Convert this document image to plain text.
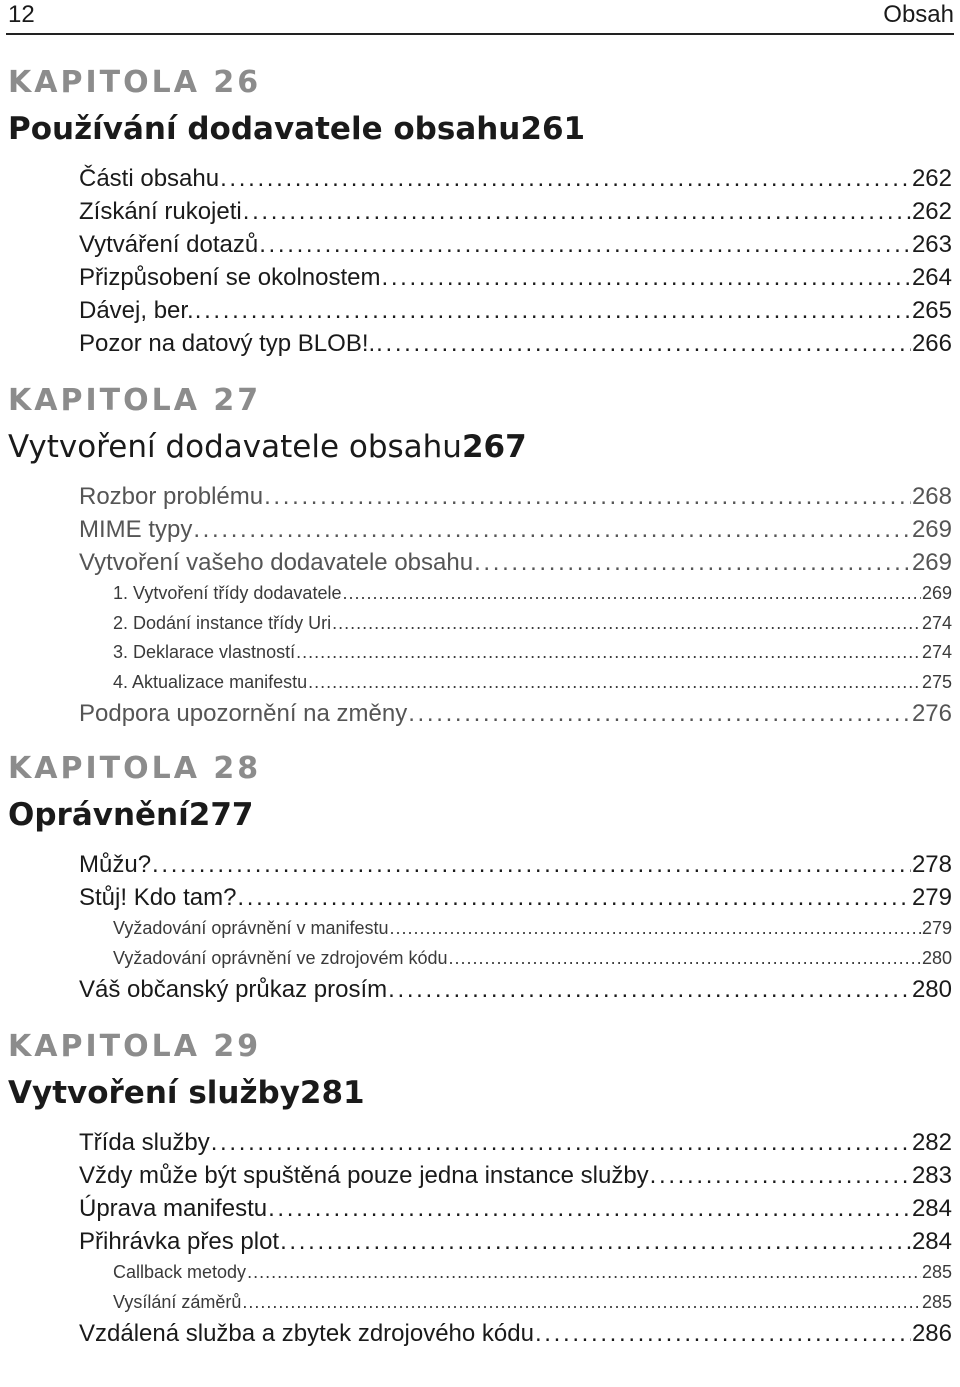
12	Obsah
KAPITOLA 26
Používání dodavatele obsahu 261
Části obsahu . . .	262
Získání rukojeti . . .	262
Vytváření dotazů . . .	263
Přizpůsobení se okolnostem . . .	264
Dávej, ber. . . .	265
Pozor na datový typ BLOB!. . . .	266
KAPITOLA 27
Vytvoření dodavatele obsahu 267
Rozbor problému . . .	268
MIME typy . . .	269
Vytvoření vašeho dodavatele obsahu . . .	269
1. Vytvoření třídy dodavatele . . .	269
2. Dodání instance třídy Uri . . .	274
3. Deklarace vlastností . . .	274
4. Aktualizace manifestu . . .	275
Podpora upozornění na změny . . .	276
KAPITOLA 28
Oprávnění 277
Můžu? . . .	278
Stůj! Kdo tam? . . .	279
Vyžadování oprávnění v manifestu . . .	279
Vyžadování oprávnění ve zdrojovém kódu . . .	280
Váš občanský průkaz prosím . . .	280
KAPITOLA 29
Vytvoření služby 281
Třída služby . . .	282
Vždy může být spuštěná pouze jedna instance služby . . .	283
Úprava manifestu . . .	284
Přihrávka přes plot . . .	284
Callback metody . . .	285
Vysílání záměrů . . .	285
Vzdálená služba a zbytek zdrojového kódu . . .	286
